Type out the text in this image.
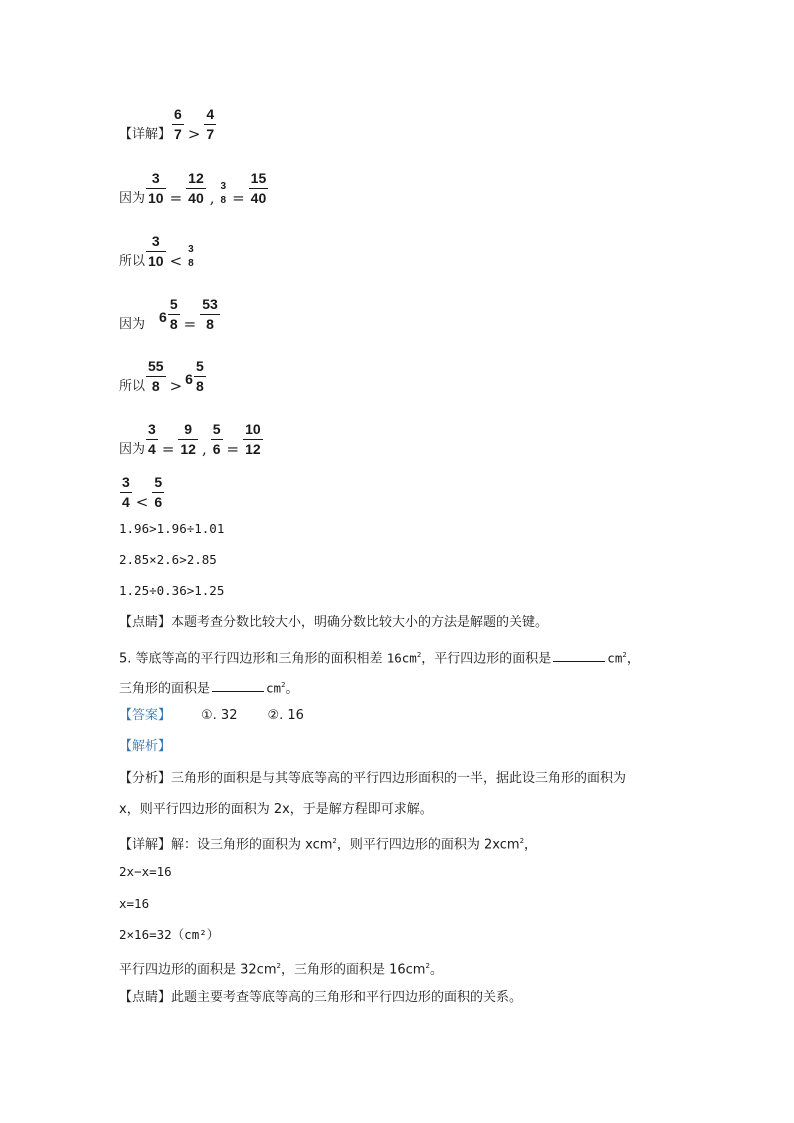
【详解】 $\frac{6}{7} > \frac{4}{7}$
因为 $\frac{3}{10} = \frac{12}{40}$ ,
3
$8 = \frac{15}{40}$
所以 $\frac{3}{10}$ <
3
8
因为 $6 \frac{5}{8} = \frac{53}{8}$
所以 $\frac{55}{8} > 6 \frac{5}{8}$
因为 $\frac{3}{4} = \frac{9}{12}$ , $\frac{5}{6} = \frac{10}{12}$
$\frac{3}{4} < \frac{5}{6}$
1.96>1.96÷1.01
2.85×2.6>2.85
1.25÷0.36>1.25
【点睛】本题考查分数比较大小，明确分数比较大小的方法是解题的关键。
5. 等底等高的平行四边形和三角形的面积相差 $16cm^2$，平行四边形的面积是	$cm^2$，
三角形的面积是	$cm^2$。
【答案】 ①. 32 ②. 16
【解析】
【分析】三角形的面积是与其等底等高的平行四边形面积的一半，据此设三角形的面积为
x，则平行四边形的面积为 2x，于是解方程即可求解。
【详解】解：设三角形的面积为 xcm$^2$，则平行四边形的面积为 2xcm$^2$，
2x−x=16
x=16
2×16=32（cm²）
平行四边形的面积是 $32cm^2$，三角形的面积是 $16cm^2$。
【点睛】此题主要考查等底等高的三角形和平行四边形的面积的关系。
